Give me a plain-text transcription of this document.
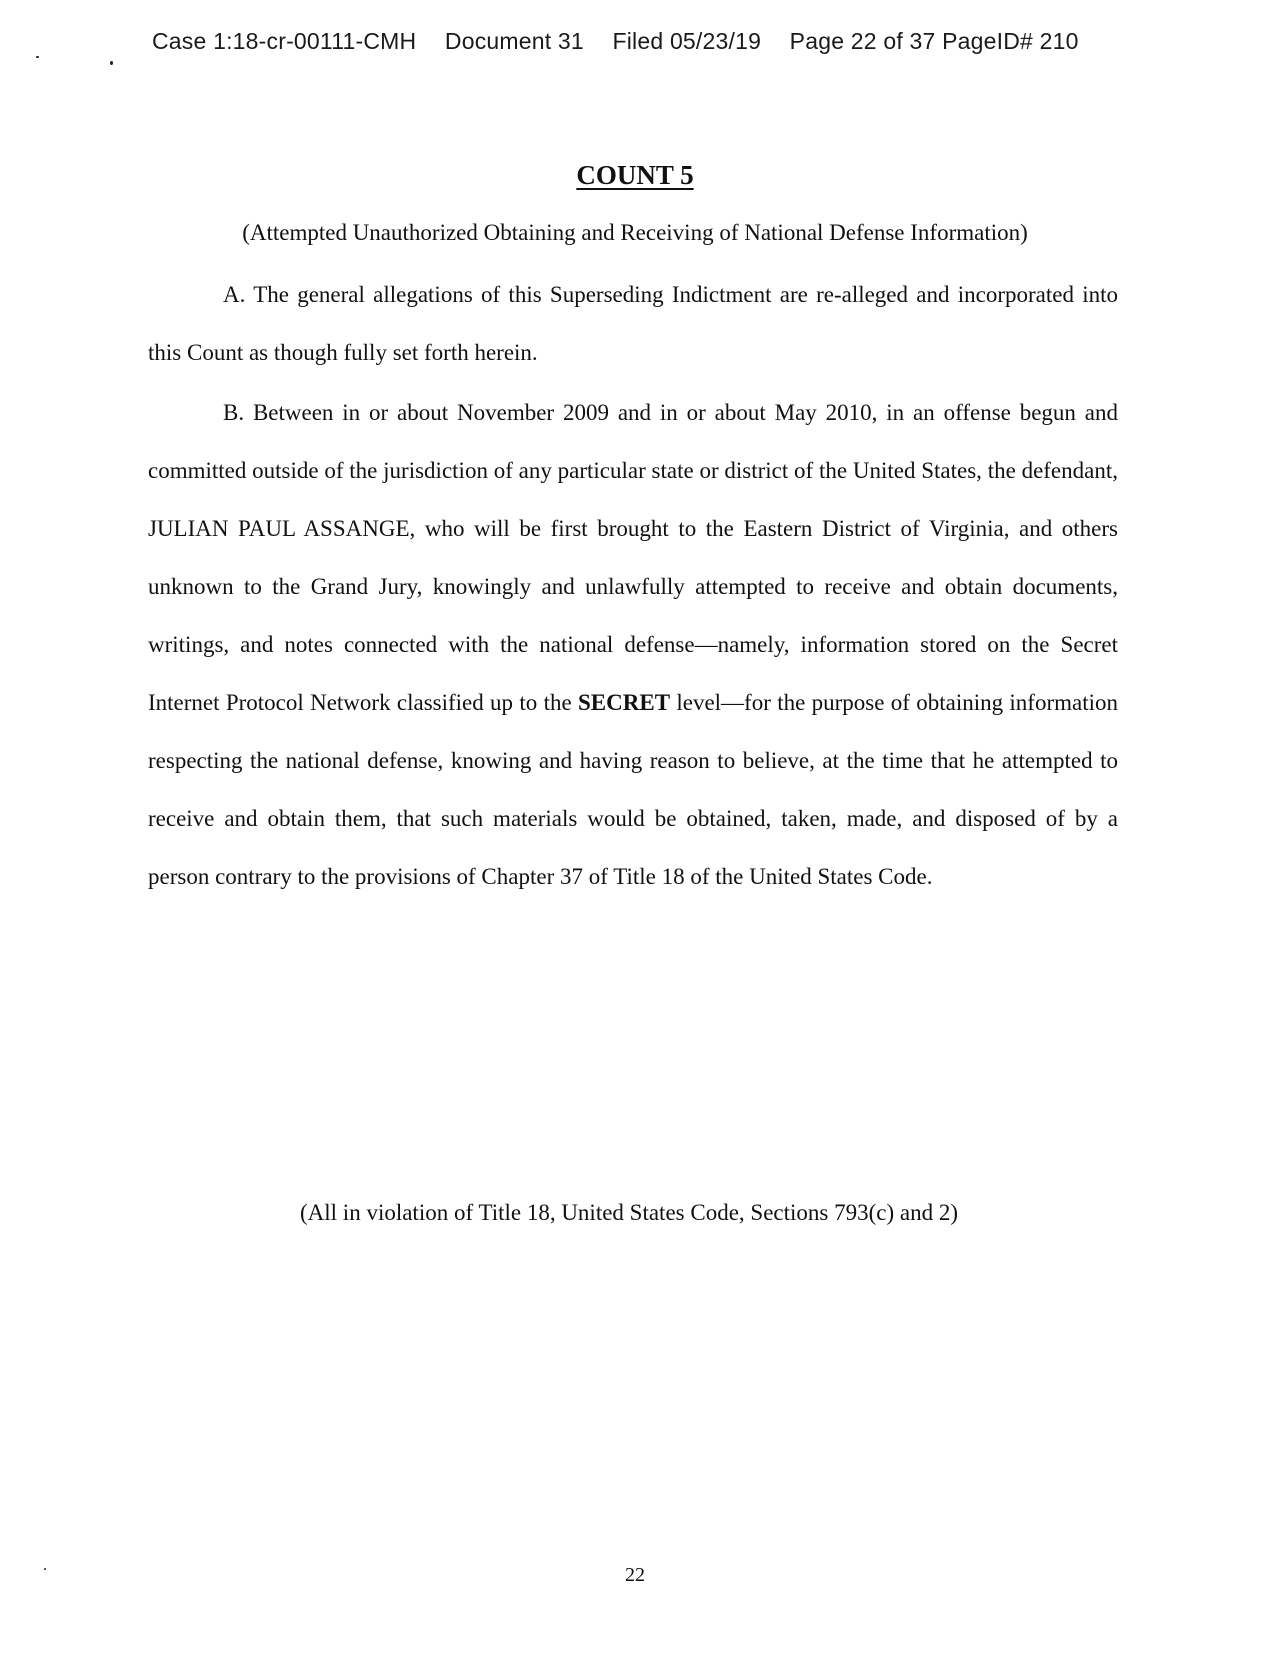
Case 1:18-cr-00111-CMH Document 31 Filed 05/23/19 Page 22 of 37 PageID# 210
COUNT 5
(Attempted Unauthorized Obtaining and Receiving of National Defense Information)

A. The general allegations of this Superseding Indictment are re-alleged and incorporated into this Count as though fully set forth herein.

B. Between in or about November 2009 and in or about May 2010, in an offense begun and committed outside of the jurisdiction of any particular state or district of the United States, the defendant, JULIAN PAUL ASSANGE, who will be first brought to the Eastern District of Virginia, and others unknown to the Grand Jury, knowingly and unlawfully attempted to receive and obtain documents, writings, and notes connected with the national defense—namely, information stored on the Secret Internet Protocol Network classified up to the SECRET level—for the purpose of obtaining information respecting the national defense, knowing and having reason to believe, at the time that he attempted to receive and obtain them, that such materials would be obtained, taken, made, and disposed of by a person contrary to the provisions of Chapter 37 of Title 18 of the United States Code.

(All in violation of Title 18, United States Code, Sections 793(c) and 2)
22
